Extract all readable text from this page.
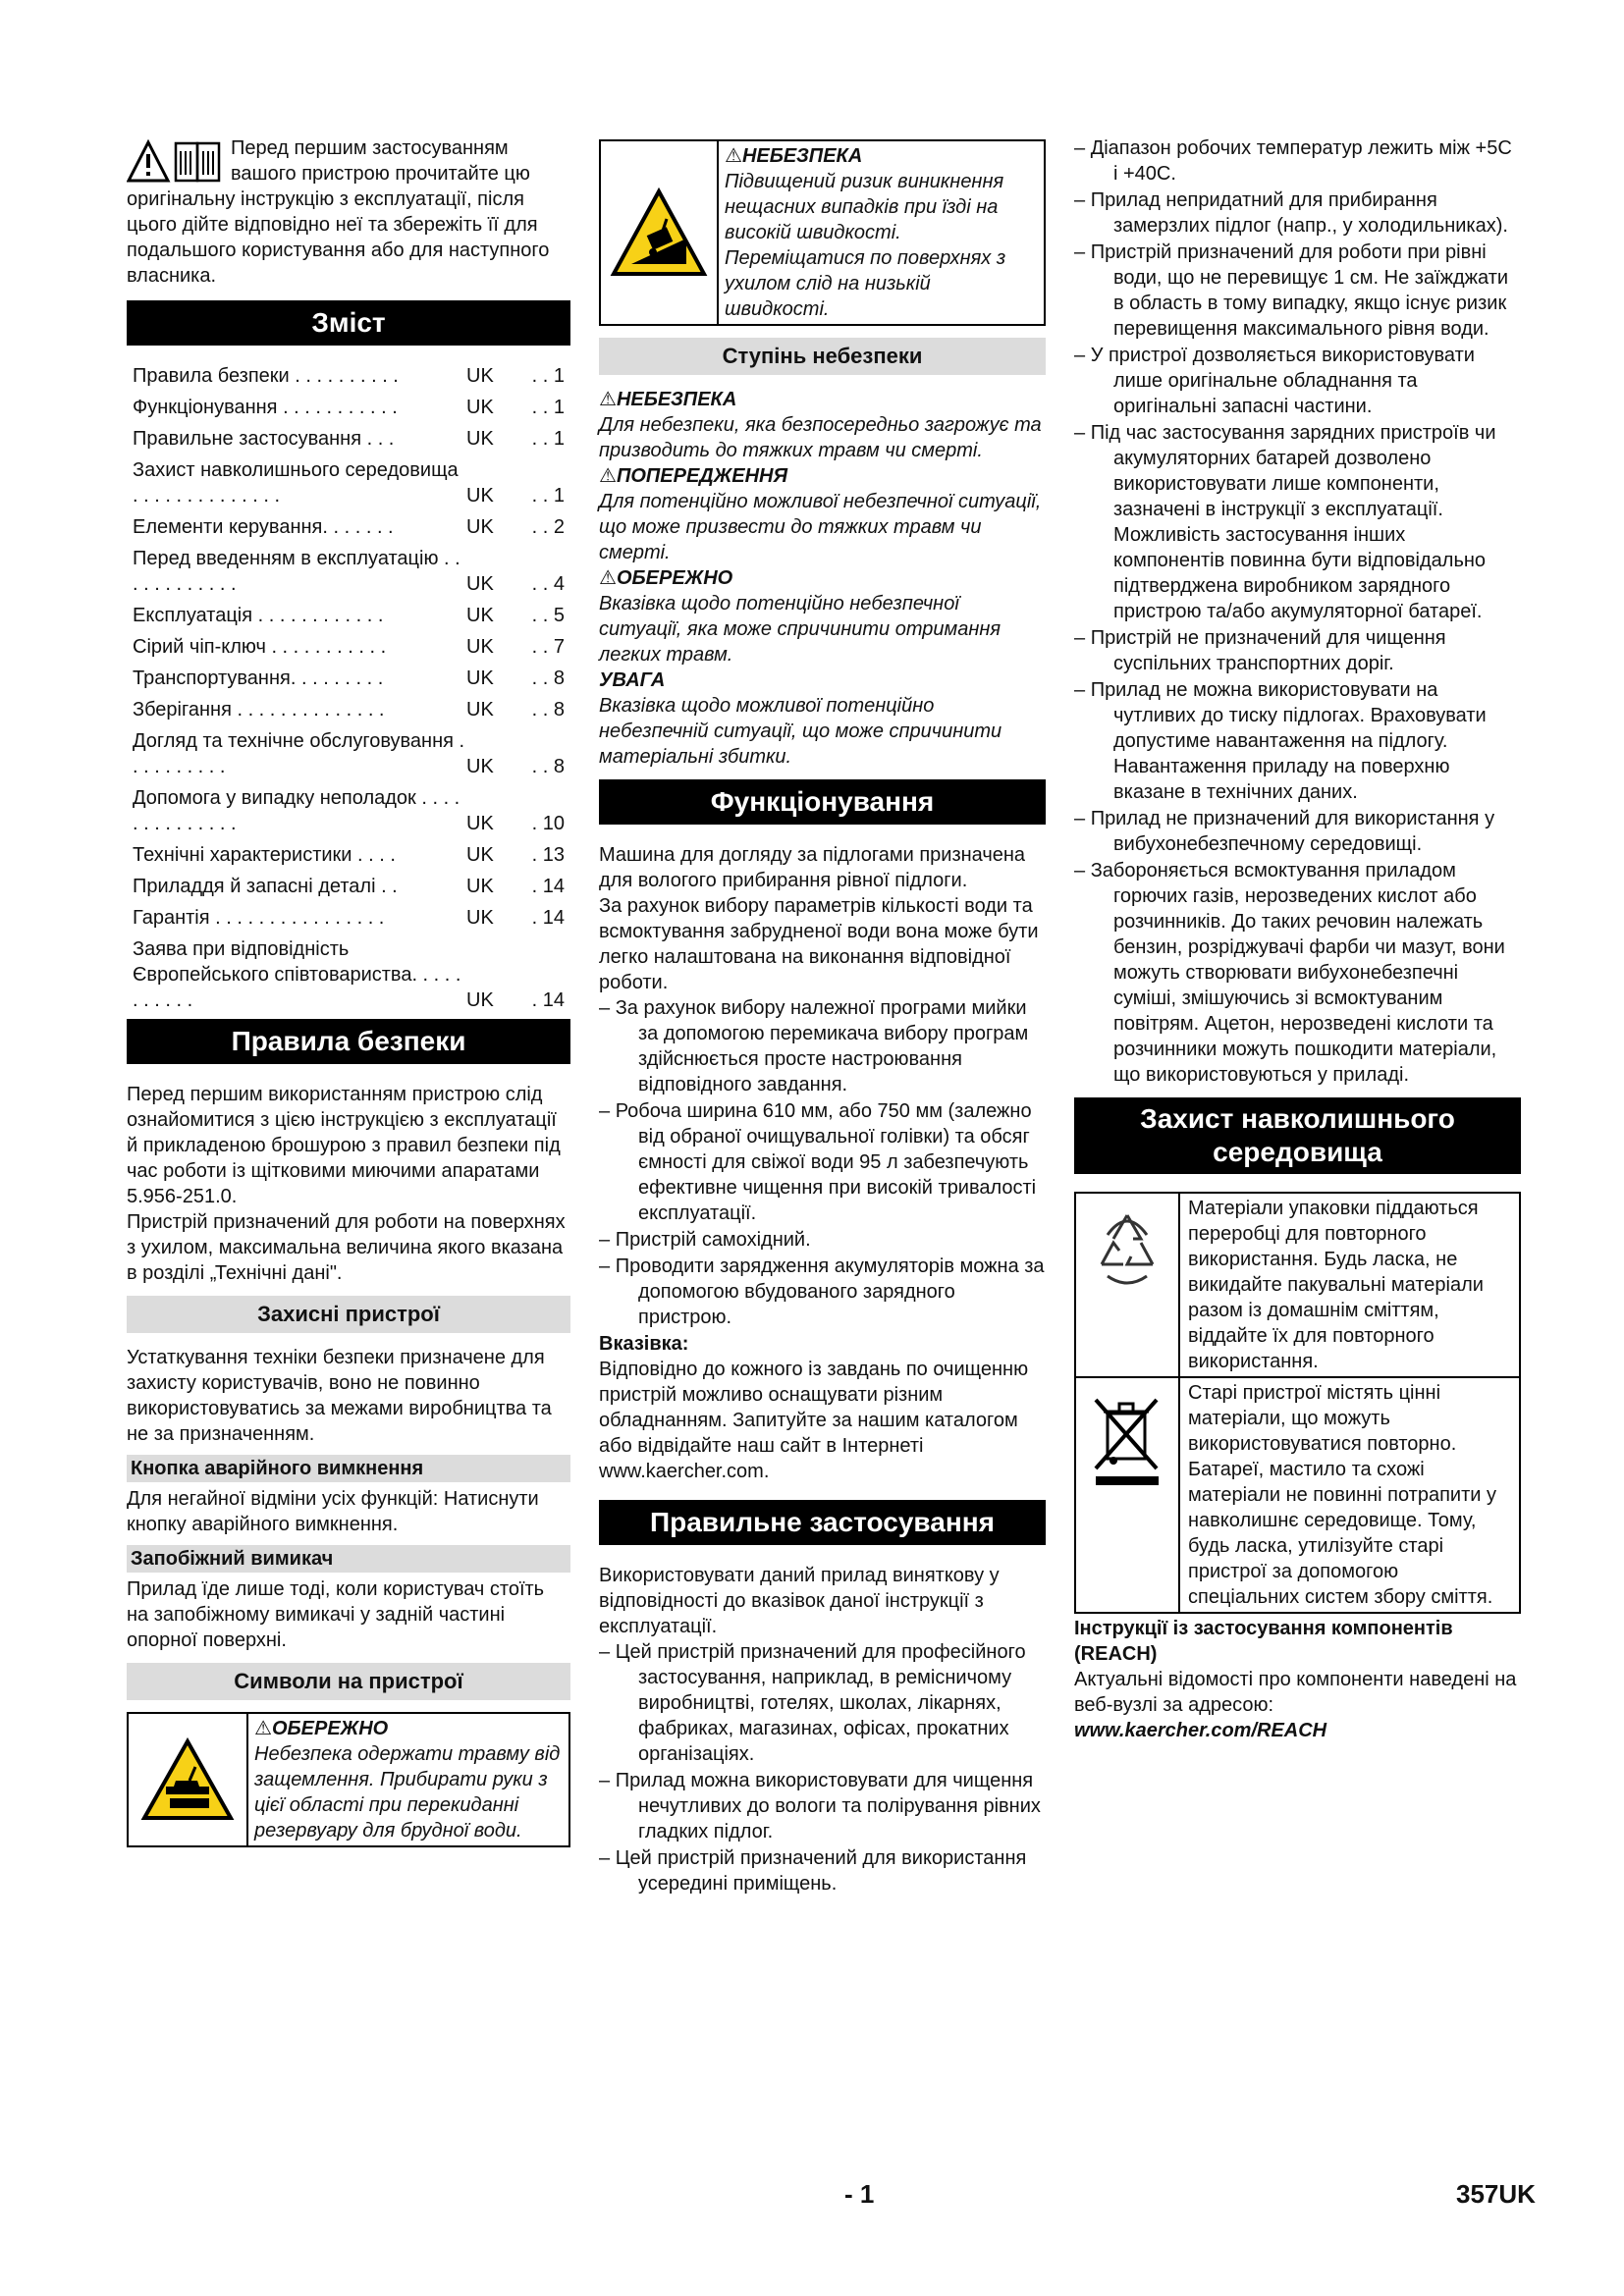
Перед першим застосуванням вашого пристрою прочитайте цю оригінальну інструкцію з експлуатації, після цього дійте відповідно неї та збережіть її для подальшого користування або для наступного власника.

Зміст
Правила безпеки . . . . . . . . . .	UK	. . 1
Функціонування . . . . . . . . . . .	UK	. . 1
Правильне застосування . . .	UK	. . 1
Захист навколишнього середовища . . . . . . . . . . . . . .	UK	. . 1
Елементи керування. . . . . . .	UK	. . 2
Перед введенням в експлуатацію . . . . . . . . . . . .	UK	. . 4
Експлуатація . . . . . . . . . . . .	UK	. . 5
Сірий чіп-ключ . . . . . . . . . . .	UK	. . 7
Транспортування. . . . . . . . .	UK	. . 8
Зберігання . . . . . . . . . . . . . .	UK	. . 8
Догляд та технічне обслуговування . . . . . . . . . .	UK	. . 8
Допомога у випадку неполадок . . . . . . . . . . . . . .	UK	. 10
Технічні характеристики . . . .	UK	. 13
Приладдя й запасні деталі . .	UK	. 14
Гарантія . . . . . . . . . . . . . . . .	UK	. 14
Заява при відповідність Європейського співтовариства. . . . . . . . . . .	UK	. 14
Правила безпеки

Перед першим використанням пристрою слід ознайомитися з цією інструкцією з експлуатації й прикладеною брошурою з правил безпеки під час роботи із щітковими миючими апаратами 5.956-251.0.

Пристрій призначений для роботи на поверхнях з ухилом, максимальна величина якого вказана в розділі „Технічні дані".

Захисні пристрої

Устаткування техніки безпеки призначене для захисту користувачів, воно не повинно використовуватись за межами виробництва та не за призначенням.

Кнопка аварійного вимкнення

Для негайної відміни усіх функцій: Натиснути кнопку аварійного вимкнення.

Запобіжний вимикач

Прилад їде лише тоді, коли користувач стоїть на запобіжному вимикачі у задній частині опорної поверхні.

Символи на пристрої
⚠ОБЕРЕЖНО
Небезпека одержати травму від защемлення. Прибирати руки з цієї області при перекиданні резервуару для брудної води.
⚠НЕБЕЗПЕКА
Підвищений ризик виникнення нещасних випадків при їзді на високій швидкості. Переміщатися по поверхнях з ухилом слід на низькій швидкості.
Ступінь небезпеки
⚠НЕБЕЗПЕКА
Для небезпеки, яка безпосередньо загрожує та призводить до тяжких травм чи смерті.
⚠ПОПЕРЕДЖЕННЯ
Для потенційно можливої небезпечної ситуації, що може призвести до тяжких травм чи смерті.
⚠ОБЕРЕЖНО
Вказівка щодо потенційно небезпечної ситуації, яка може спричинити отримання легких травм.
УВАГА
Вказівка щодо можливої потенційно небезпечній ситуації, що може спричинити матеріальні збитки.
Функціонування

Машина для догляду за підлогами призначена для вологого прибирання рівної підлоги.

За рахунок вибору параметрів кількості води та всмоктування забрудненої води вона може бути легко налаштована на виконання відповідної роботи.

– За рахунок вибору належної програми мийки за допомогою перемикача вибору програм здійснюється просте настроювання відповідного завдання.
– Робоча ширина 610 мм, або 750 мм (залежно від обраної очищувальної голівки) та обсяг ємності для свіжої води 95 л забезпечують ефективне чищення при високій тривалості експлуатації.
– Пристрій самохідний.
– Проводити зарядження акумуляторів можна за допомогою вбудованого зарядного пристрою.

Вказівка:

Відповідно до кожного із завдань по очищенню пристрій можливо оснащувати різним обладнанням. Запитуйте за нашим каталогом або відвідайте наш сайт в Інтернеті www.kaercher.com.

Правильне застосування

Використовувати даний прилад виняткову у відповідності до вказівок даної інструкції з експлуатації.

– Цей пристрій призначений для професійного застосування, наприклад, в ремісничому виробництві, готелях, школах, лікарнях, фабриках, магазинах, офісах, прокатних організаціях.
– Прилад можна використовувати для чищення нечутливих до вологи та полірування рівних гладких підлог.
– Цей пристрій призначений для використання усередині приміщень.
– Діапазон робочих температур лежить між +5C і +40C.
– Прилад непридатний для прибирання замерзлих підлог (напр., у холодильниках).
– Пристрій призначений для роботи при рівні води, що не перевищує 1 см. Не заїжджати в область в тому випадку, якщо існує ризик перевищення максимального рівня води.
– У пристрої дозволяється використовувати лише оригінальне обладнання та оригінальні запасні частини.
– Під час застосування зарядних пристроїв чи акумуляторних батарей дозволено використовувати лише компоненти, зазначені в інструкції з експлуатації. Можливість застосування інших компонентів повинна бути відповідально підтверджена виробником зарядного пристрою та/або акумуляторної батареї.
– Пристрій не призначений для чищення суспільних транспортних доріг.
– Прилад не можна використовувати на чутливих до тиску підлогах. Враховувати допустиме навантаження на підлогу. Навантаження приладу на поверхню вказане в технічних даних.
– Прилад не призначений для використання у вибухонебезпечному середовищі.
– Забороняється всмоктування приладом горючих газів, нерозведених кислот або розчинників. До таких речовин належать бензин, розріджувачі фарби чи мазут, вони можуть створювати вибухонебезпечні суміші, змішуючись зі всмоктуваним повітрям. Ацетон, нерозведені кислоти та розчинники можуть пошкодити матеріали, що використовуються у приладі.
Захист навколишнього середовища
Матеріали упаковки піддаються переробці для повторного використання. Будь ласка, не викидайте пакувальні матеріали разом із домашнім сміттям, віддайте їх для повторного використання.
Старі пристрої містять цінні матеріали, що можуть використовуватися повторно. Батареї, мастило та схожі матеріали не повинні потрапити у навколишнє середовище. Тому, будь ласка, утилізуйте старі пристрої за допомогою спеціальних систем збору сміття.

Інструкції із застосування компонентів (REACH)

Актуальні відомості про компоненти наведені на веб-вузлі за адресою:

www.kaercher.com/REACH

- 1	357UK
